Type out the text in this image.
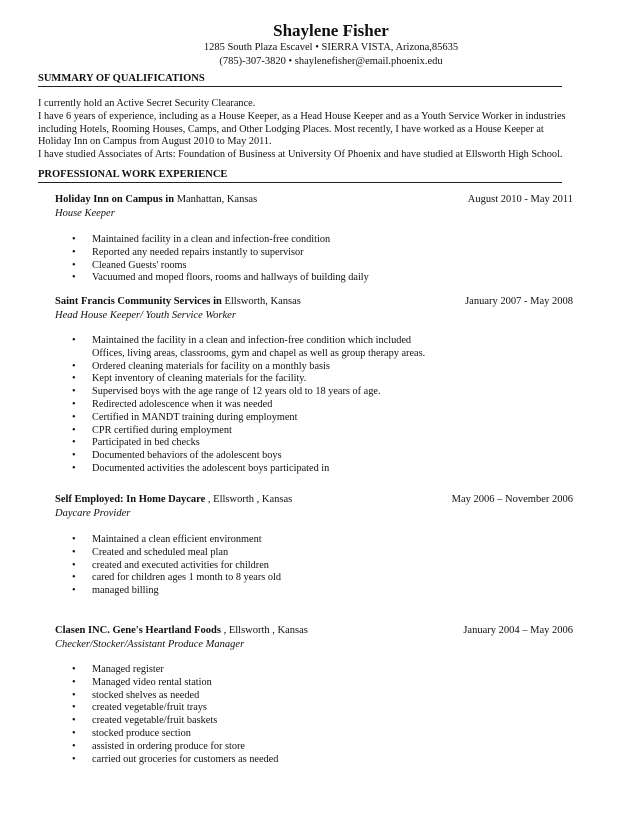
Shaylene Fisher
1285 South Plaza Escavel • SIERRA VISTA, Arizona,85635
(785)-307-3820 • shaylenefisher@email.phoenix.edu
SUMMARY OF QUALIFICATIONS
I currently hold an Active Secret Security Clearance.
I have 6 years of experience, including as a House Keeper, as a Head House Keeper and as a Youth Service Worker in industries
including Hotels, Rooming Houses, Camps, and Other Lodging Places. Most recently, I have worked as a House Keeper at
Holiday Inn on Campus from August 2010 to May 2011.
I have studied Associates of Arts: Foundation of Business at University Of Phoenix and have studied at Ellsworth High School.
PROFESSIONAL WORK EXPERIENCE
Holiday Inn on Campus in Manhattan, Kansas	August 2010 - May 2011
House Keeper
• Maintained facility in a clean and infection-free condition
• Reported any needed repairs instantly to supervisor
• Cleaned Guests' rooms
• Vacuumed and moped floors, rooms and hallways of building daily
Saint Francis Community Services in Ellsworth, Kansas	January 2007 - May 2008
Head House Keeper/ Youth Service Worker
• Maintained the facility in a clean and infection-free condition which included
Offices, living areas, classrooms, gym and chapel as well as group therapy areas.
• Ordered cleaning materials for facility on a monthly basis
• Kept inventory of cleaning materials for the facility.
• Supervised boys with the age range of 12 years old to 18 years of age.
• Redirected adolescence when it was needed
• Certified in MANDT training during employment
• CPR certified during employment
• Participated in bed checks
• Documented behaviors of the adolescent boys
• Documented activities the adolescent boys participated in
Self Employed: In Home Daycare , Ellsworth , Kansas	May 2006 – November 2006
Daycare Provider
• Maintained a clean efficient environment
• Created and scheduled meal plan
• created and executed activities for children
• cared for children ages 1 month to 8 years old
• managed billing
Clasen INC. Gene's Heartland Foods , Ellsworth , Kansas	January 2004 – May 2006
Checker/Stocker/Assistant Produce Manager
• Managed register
• Managed video rental station
• stocked shelves as needed
• created vegetable/fruit trays
• created vegetable/fruit baskets
• stocked produce section
• assisted in ordering produce for store
• carried out groceries for customers as needed
